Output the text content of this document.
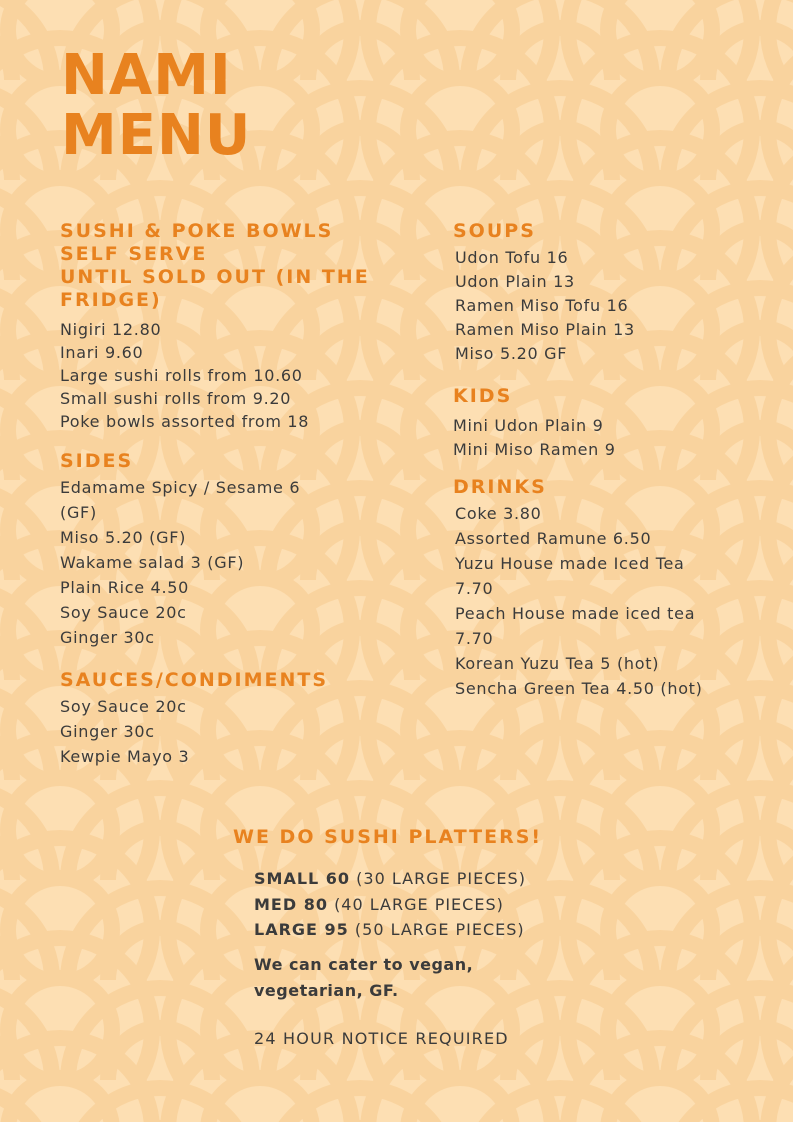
NAMI
MENU
SUSHI & POKE BOWLS
SELF SERVE
UNTIL SOLD OUT (IN THE
FRIDGE)
Nigiri 12.80
Inari 9.60
Large sushi rolls from 10.60
Small sushi rolls from 9.20
Poke bowls assorted from 18
SIDES
Edamame Spicy / Sesame 6
(GF)
Miso 5.20 (GF)
Wakame salad 3 (GF)
Plain Rice 4.50
Soy Sauce 20c
Ginger 30c
SAUCES/CONDIMENTS
Soy Sauce 20c
Ginger 30c
Kewpie Mayo 3
SOUPS
Udon Tofu 16
Udon Plain 13
Ramen Miso Tofu 16
Ramen Miso Plain 13
Miso 5.20 GF
KIDS
Mini Udon Plain 9
Mini Miso Ramen 9
DRINKS
Coke 3.80
Assorted Ramune 6.50
Yuzu House made Iced Tea
7.70
Peach House made iced tea
7.70
Korean Yuzu Tea 5 (hot)
Sencha Green Tea 4.50 (hot)
WE DO SUSHI PLATTERS!
SMALL 60 (30 LARGE PIECES)
MED 80 (40 LARGE PIECES)
LARGE 95 (50 LARGE PIECES)
We can cater to vegan,
vegetarian, GF.
24 HOUR NOTICE REQUIRED
